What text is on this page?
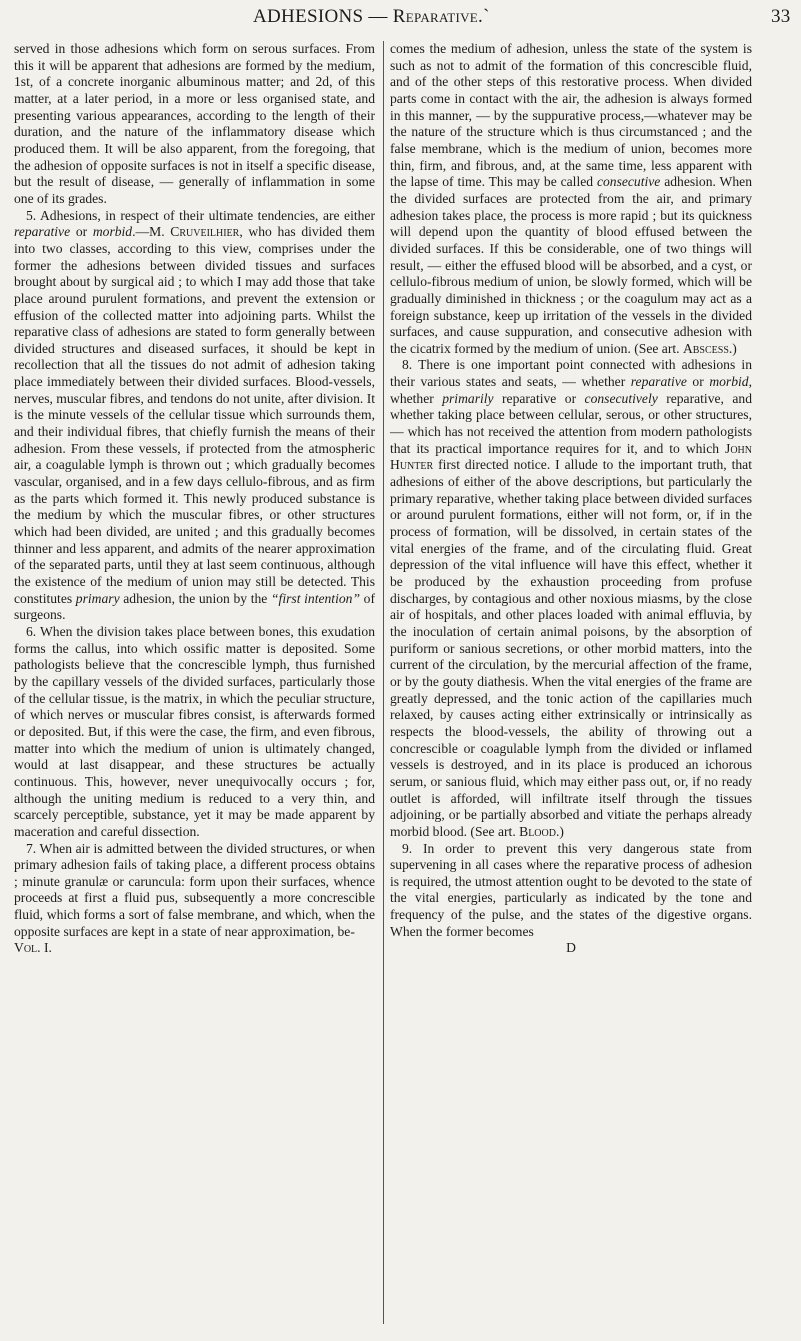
ADHESIONS — Reparative.`	33

served in those adhesions which form on serous surfaces. From this it will be apparent that adhesions are formed by the medium, 1st, of a concrete inorganic albuminous matter; and 2d, of this matter, at a later period, in a more or less organised state, and presenting various appearances, according to the length of their duration, and the nature of the inflammatory disease which produced them. It will be also apparent, from the foregoing, that the adhesion of opposite surfaces is not in itself a specific disease, but the result of disease, — generally of inflammation in some one of its grades.

5. Adhesions, in respect of their ultimate tendencies, are either reparative or morbid.—M. Cruveilhier, who has divided them into two classes, according to this view, comprises under the former the adhesions between divided tissues and surfaces brought about by surgical aid ; to which I may add those that take place around purulent formations, and prevent the extension or effusion of the collected matter into adjoining parts. Whilst the reparative class of adhesions are stated to form generally between divided structures and diseased surfaces, it should be kept in recollection that all the tissues do not admit of adhesion taking place immediately between their divided surfaces. Blood-vessels, nerves, muscular fibres, and tendons do not unite, after division. It is the minute vessels of the cellular tissue which surrounds them, and their individual fibres, that chiefly furnish the means of their adhesion. From these vessels, if protected from the atmospheric air, a coagulable lymph is thrown out ; which gradually becomes vascular, organised, and in a few days cellulo-fibrous, and as firm as the parts which formed it. This newly produced substance is the medium by which the muscular fibres, or other structures which had been divided, are united ; and this gradually becomes thinner and less apparent, and admits of the nearer approximation of the separated parts, until they at last seem continuous, although the existence of the medium of union may still be detected. This constitutes primary adhesion, the union by the “first intention” of surgeons.

6. When the division takes place between bones, this exudation forms the callus, into which ossific matter is deposited. Some pathologists believe that the concrescible lymph, thus furnished by the capillary vessels of the divided surfaces, particularly those of the cellular tissue, is the matrix, in which the peculiar structure, of which nerves or muscular fibres consist, is afterwards formed or deposited. But, if this were the case, the firm, and even fibrous, matter into which the medium of union is ultimately changed, would at last disappear, and these structures be actually continuous. This, however, never unequivocally occurs ; for, although the uniting medium is reduced to a very thin, and scarcely perceptible, substance, yet it may be made apparent by maceration and careful dissection.

7. When air is admitted between the divided structures, or when primary adhesion fails of taking place, a different process obtains ; minute granulæ or caruncula: form upon their surfaces, whence proceeds at first a fluid pus, subsequently a more concrescible fluid, which forms a sort of false membrane, and which, when the opposite surfaces are kept in a state of near approximation, be-

Vol. I.

comes the medium of adhesion, unless the state of the system is such as not to admit of the formation of this concrescible fluid, and of the other steps of this restorative process. When divided parts come in contact with the air, the adhesion is always formed in this manner, — by the suppurative process,—whatever may be the nature of the structure which is thus circumstanced ; and the false membrane, which is the medium of union, becomes more thin, firm, and fibrous, and, at the same time, less apparent with the lapse of time. This may be called consecutive adhesion. When the divided surfaces are protected from the air, and primary adhesion takes place, the process is more rapid ; but its quickness will depend upon the quantity of blood effused between the divided surfaces. If this be considerable, one of two things will result, — either the effused blood will be absorbed, and a cyst, or cellulo-fibrous medium of union, be slowly formed, which will be gradually diminished in thickness ; or the coagulum may act as a foreign substance, keep up irritation of the vessels in the divided surfaces, and cause suppuration, and consecutive adhesion with the cicatrix formed by the medium of union. (See art. Abscess.)

8. There is one important point connected with adhesions in their various states and seats, — whether reparative or morbid, whether primarily reparative or consecutively reparative, and whether taking place between cellular, serous, or other structures, — which has not received the attention from modern pathologists that its practical importance requires for it, and to which John Hunter first directed notice. I allude to the important truth, that adhesions of either of the above descriptions, but particularly the primary reparative, whether taking place between divided surfaces or around purulent formations, either will not form, or, if in the process of formation, will be dissolved, in certain states of the vital energies of the frame, and of the circulating fluid. Great depression of the vital influence will have this effect, whether it be produced by the exhaustion proceeding from profuse discharges, by contagious and other noxious miasms, by the close air of hospitals, and other places loaded with animal effluvia, by the inoculation of certain animal poisons, by the absorption of puriform or sanious secretions, or other morbid matters, into the current of the circulation, by the mercurial affection of the frame, or by the gouty diathesis. When the vital energies of the frame are greatly depressed, and the tonic action of the capillaries much relaxed, by causes acting either extrinsically or intrinsically as respects the blood-vessels, the ability of throwing out a concrescible or coagulable lymph from the divided or inflamed vessels is destroyed, and in its place is produced an ichorous serum, or sanious fluid, which may either pass out, or, if no ready outlet is afforded, will infiltrate itself through the tissues adjoining, or be partially absorbed and vitiate the perhaps already morbid blood. (See art. Blood.)

9. In order to prevent this very dangerous state from supervening in all cases where the reparative process of adhesion is required, the utmost attention ought to be devoted to the state of the vital energies, particularly as indicated by the tone and frequency of the pulse, and the states of the digestive organs. When the former becomes

D
